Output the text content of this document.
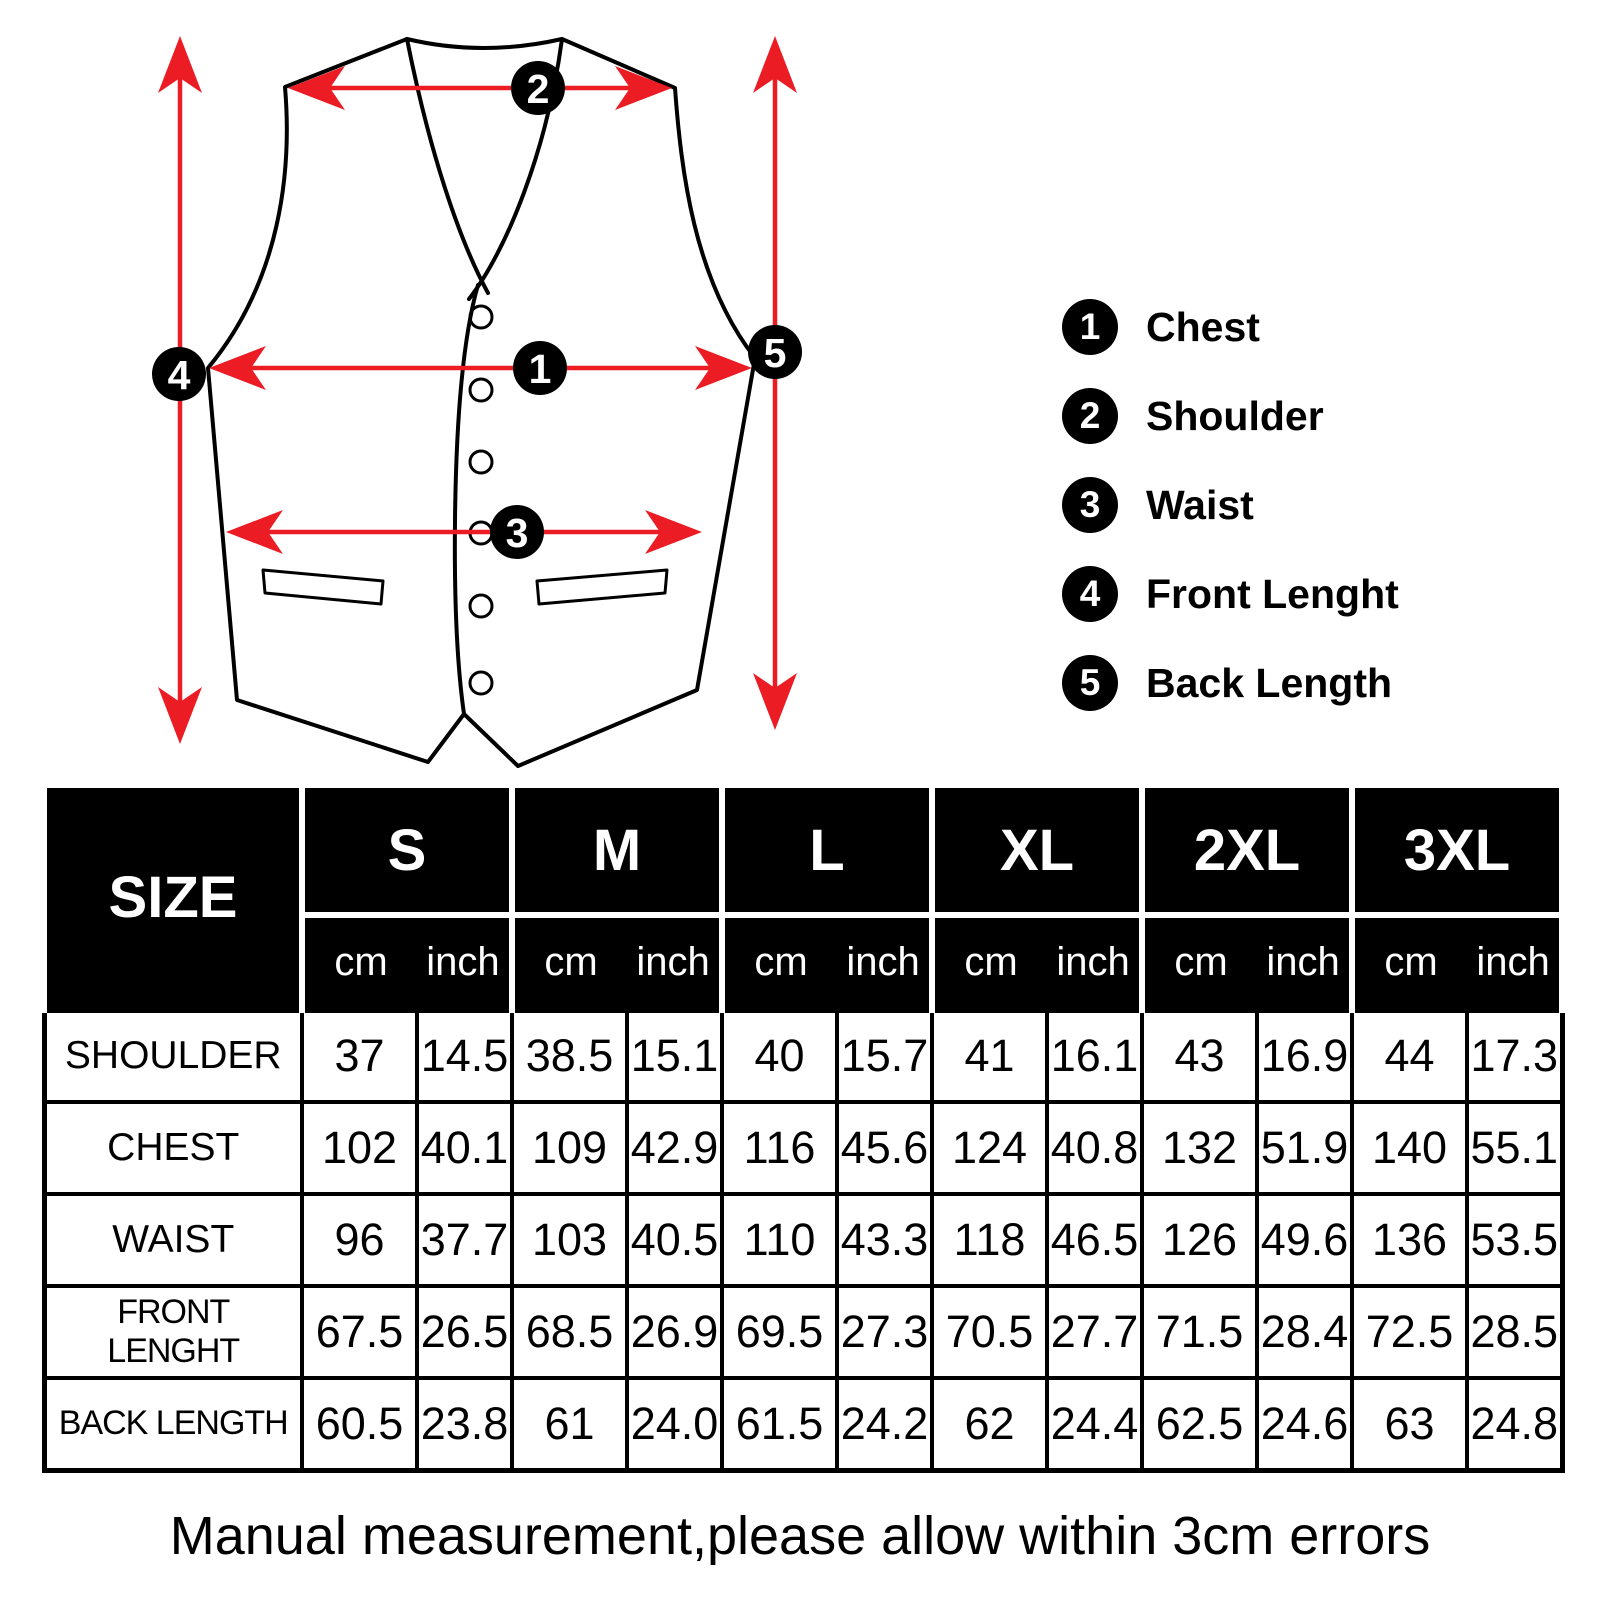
1
2
3
4	5
1	Chest
2	Shoulder
3	Waist
4	Front Lenght
5	Back Length
SIZE	S		M		L		XL		2XL		3XL	
	cm	inch	cm	inch	cm	inch	cm	inch	cm	inch	cm	inch
SHOULDER	37	14.5	38.5	15.1	40	15.7	41	16.1	43	16.9	44	17.3
CHEST	102	40.1	109	42.9	116	45.6	124	40.8	132	51.9	140	55.1
WAIST	96	37.7	103	40.5	110	43.3	118	46.5	126	49.6	136	53.5
FRONT LENGHT	67.5	26.5	68.5	26.9	69.5	27.3	70.5	27.7	71.5	28.4	72.5	28.5
BACK LENGTH	60.5	23.8	61	24.0	61.5	24.2	62	24.4	62.5	24.6	63	24.8
Manual measurement,please allow within 3cm errors
